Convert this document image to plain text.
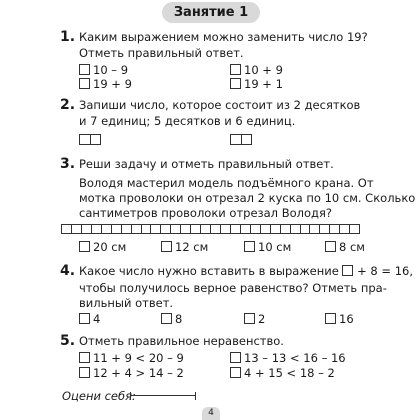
Занятие 1
1. Каким выражением можно заменить число 19?
Отметь правильный ответ.
10 – 9	10 + 9
19 + 9	19 + 1
2. Запиши число, которое состоит из 2 десятков
и 7 единиц; 5 десятков и 6 единиц.
3. Реши задачу и отметь правильный ответ.
Володя мастерил модель подъёмного крана. От
мотка проволоки он отрезал 2 куска по 10 см. Сколько
сантиметров проволоки отрезал Володя?
20 см	12 см	10 см	8 см
4. Какое число нужно вставить в выражение + 8 = 16,
чтобы получилось верное равенство? Отметь пра-
вильный ответ.
4	8	2	16
5. Отметь правильное неравенство.
11 + 9 < 20 – 9	13 – 13 < 16 – 16
12 + 4 > 14 – 2	4 + 15 < 18 – 2
Оцени себя:
4
